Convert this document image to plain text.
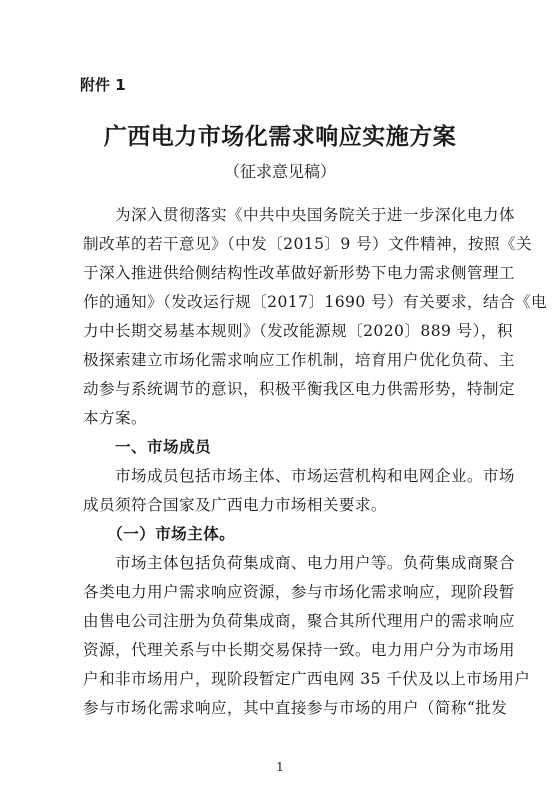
附件 1
广西电力市场化需求响应实施方案
（征求意见稿）
　　为深入贯彻落实《中共中央国务院关于进一步深化电力体
制改革的若干意见》（中发〔2015〕9 号）文件精神，按照《关
于深入推进供给侧结构性改革做好新形势下电力需求侧管理工
作的通知》（发改运行规〔2017〕1690 号）有关要求，结合《电
力中长期交易基本规则》（发改能源规〔2020〕889 号），积
极探索建立市场化需求响应工作机制，培育用户优化负荷、主
动参与系统调节的意识，积极平衡我区电力供需形势，特制定
本方案。
　　一、市场成员
　　市场成员包括市场主体、市场运营机构和电网企业。市场
成员须符合国家及广西电力市场相关要求。
　　（一）市场主体。
　　市场主体包括负荷集成商、电力用户等。负荷集成商聚合
各类电力用户需求响应资源，参与市场化需求响应，现阶段暂
由售电公司注册为负荷集成商，聚合其所代理用户的需求响应
资源，代理关系与中长期交易保持一致。电力用户分为市场用
户和非市场用户，现阶段暂定广西电网 35 千伏及以上市场用户
参与市场化需求响应，其中直接参与市场的用户（简称“批发
1
